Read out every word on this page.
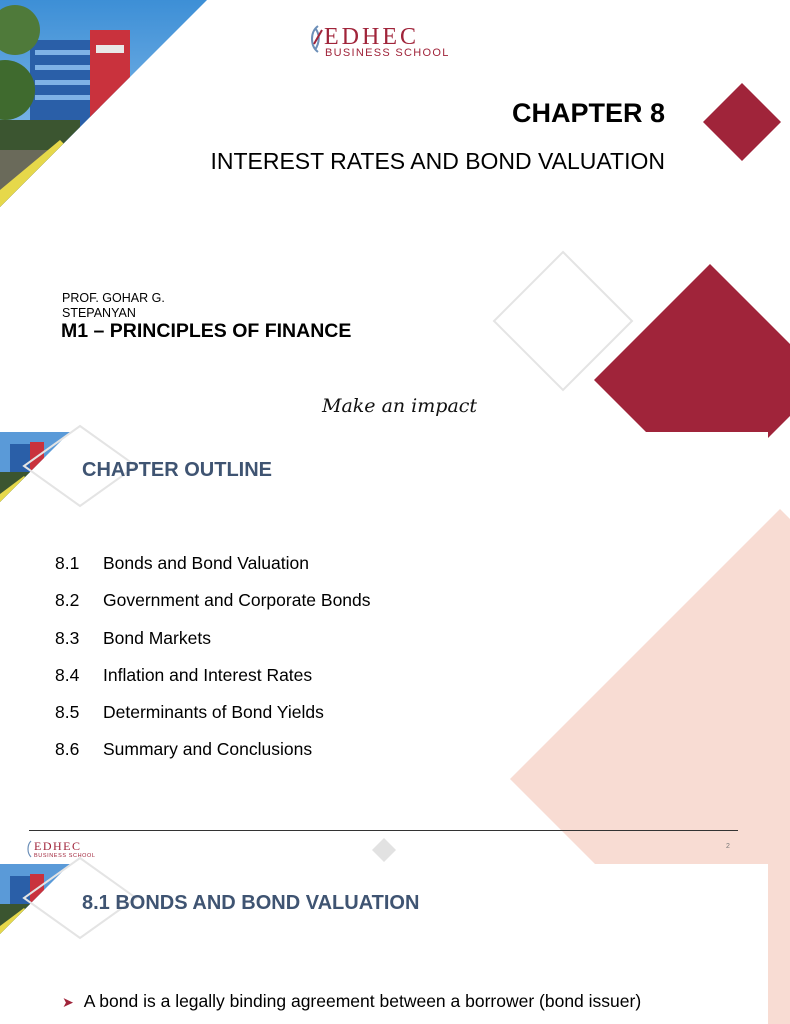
EDHEC
BUSINESS SCHOOL
CHAPTER 8
INTEREST RATES AND BOND VALUATION
PROF. GOHAR G. STEPANYAN
M1 – PRINCIPLES OF FINANCE
Make an impact
CHAPTER OUTLINE
8.1	Bonds and Bond Valuation
8.2	Government and Corporate Bonds
8.3	Bond Markets
8.4	Inflation and Interest Rates
8.5	Determinants of Bond Yields
8.6	Summary and Conclusions
EDHEC
BUSINESS SCHOOL
2
8.1 BONDS AND BOND VALUATION
➤ A bond is a legally binding agreement between a borrower (bond issuer)
